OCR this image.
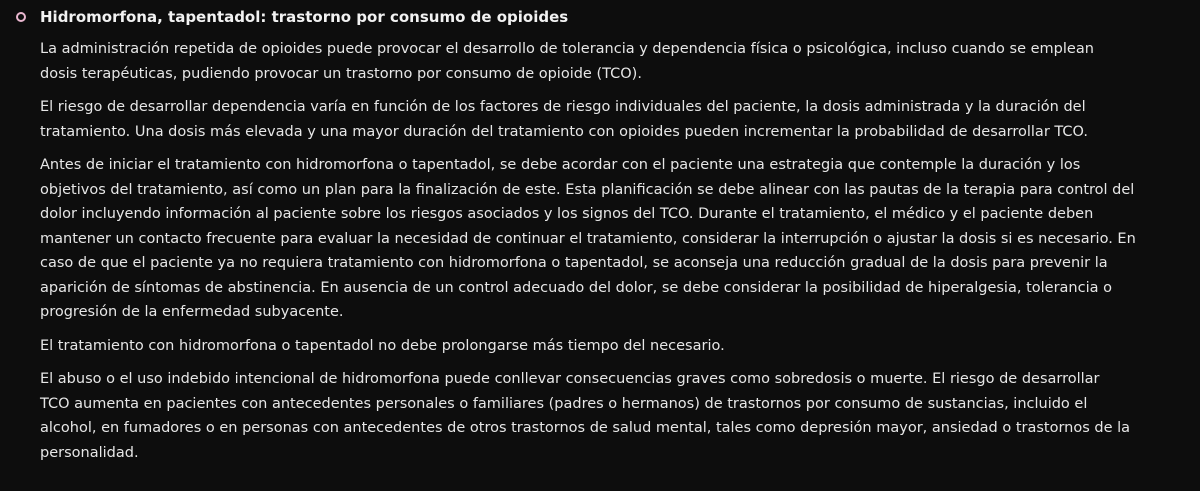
Hidromorfona, tapentadol: trastorno por consumo de opioides

La administración repetida de opioides puede provocar el desarrollo de tolerancia y dependencia física o psicológica, incluso cuando se emplean
dosis terapéuticas, pudiendo provocar un trastorno por consumo de opioide (TCO).

El riesgo de desarrollar dependencia varía en función de los factores de riesgo individuales del paciente, la dosis administrada y la duración del
tratamiento. Una dosis más elevada y una mayor duración del tratamiento con opioides pueden incrementar la probabilidad de desarrollar TCO.

Antes de iniciar el tratamiento con hidromorfona o tapentadol, se debe acordar con el paciente una estrategia que contemple la duración y los
objetivos del tratamiento, así como un plan para la finalización de este. Esta planificación se debe alinear con las pautas de la terapia para control del
dolor incluyendo información al paciente sobre los riesgos asociados y los signos del TCO. Durante el tratamiento, el médico y el paciente deben
mantener un contacto frecuente para evaluar la necesidad de continuar el tratamiento, considerar la interrupción o ajustar la dosis si es necesario. En
caso de que el paciente ya no requiera tratamiento con hidromorfona o tapentadol, se aconseja una reducción gradual de la dosis para prevenir la
aparición de síntomas de abstinencia. En ausencia de un control adecuado del dolor, se debe considerar la posibilidad de hiperalgesia, tolerancia o
progresión de la enfermedad subyacente.

El tratamiento con hidromorfona o tapentadol no debe prolongarse más tiempo del necesario.

El abuso o el uso indebido intencional de hidromorfona puede conllevar consecuencias graves como sobredosis o muerte. El riesgo de desarrollar
TCO aumenta en pacientes con antecedentes personales o familiares (padres o hermanos) de trastornos por consumo de sustancias, incluido el
alcohol, en fumadores o en personas con antecedentes de otros trastornos de salud mental, tales como depresión mayor, ansiedad o trastornos de la
personalidad.
